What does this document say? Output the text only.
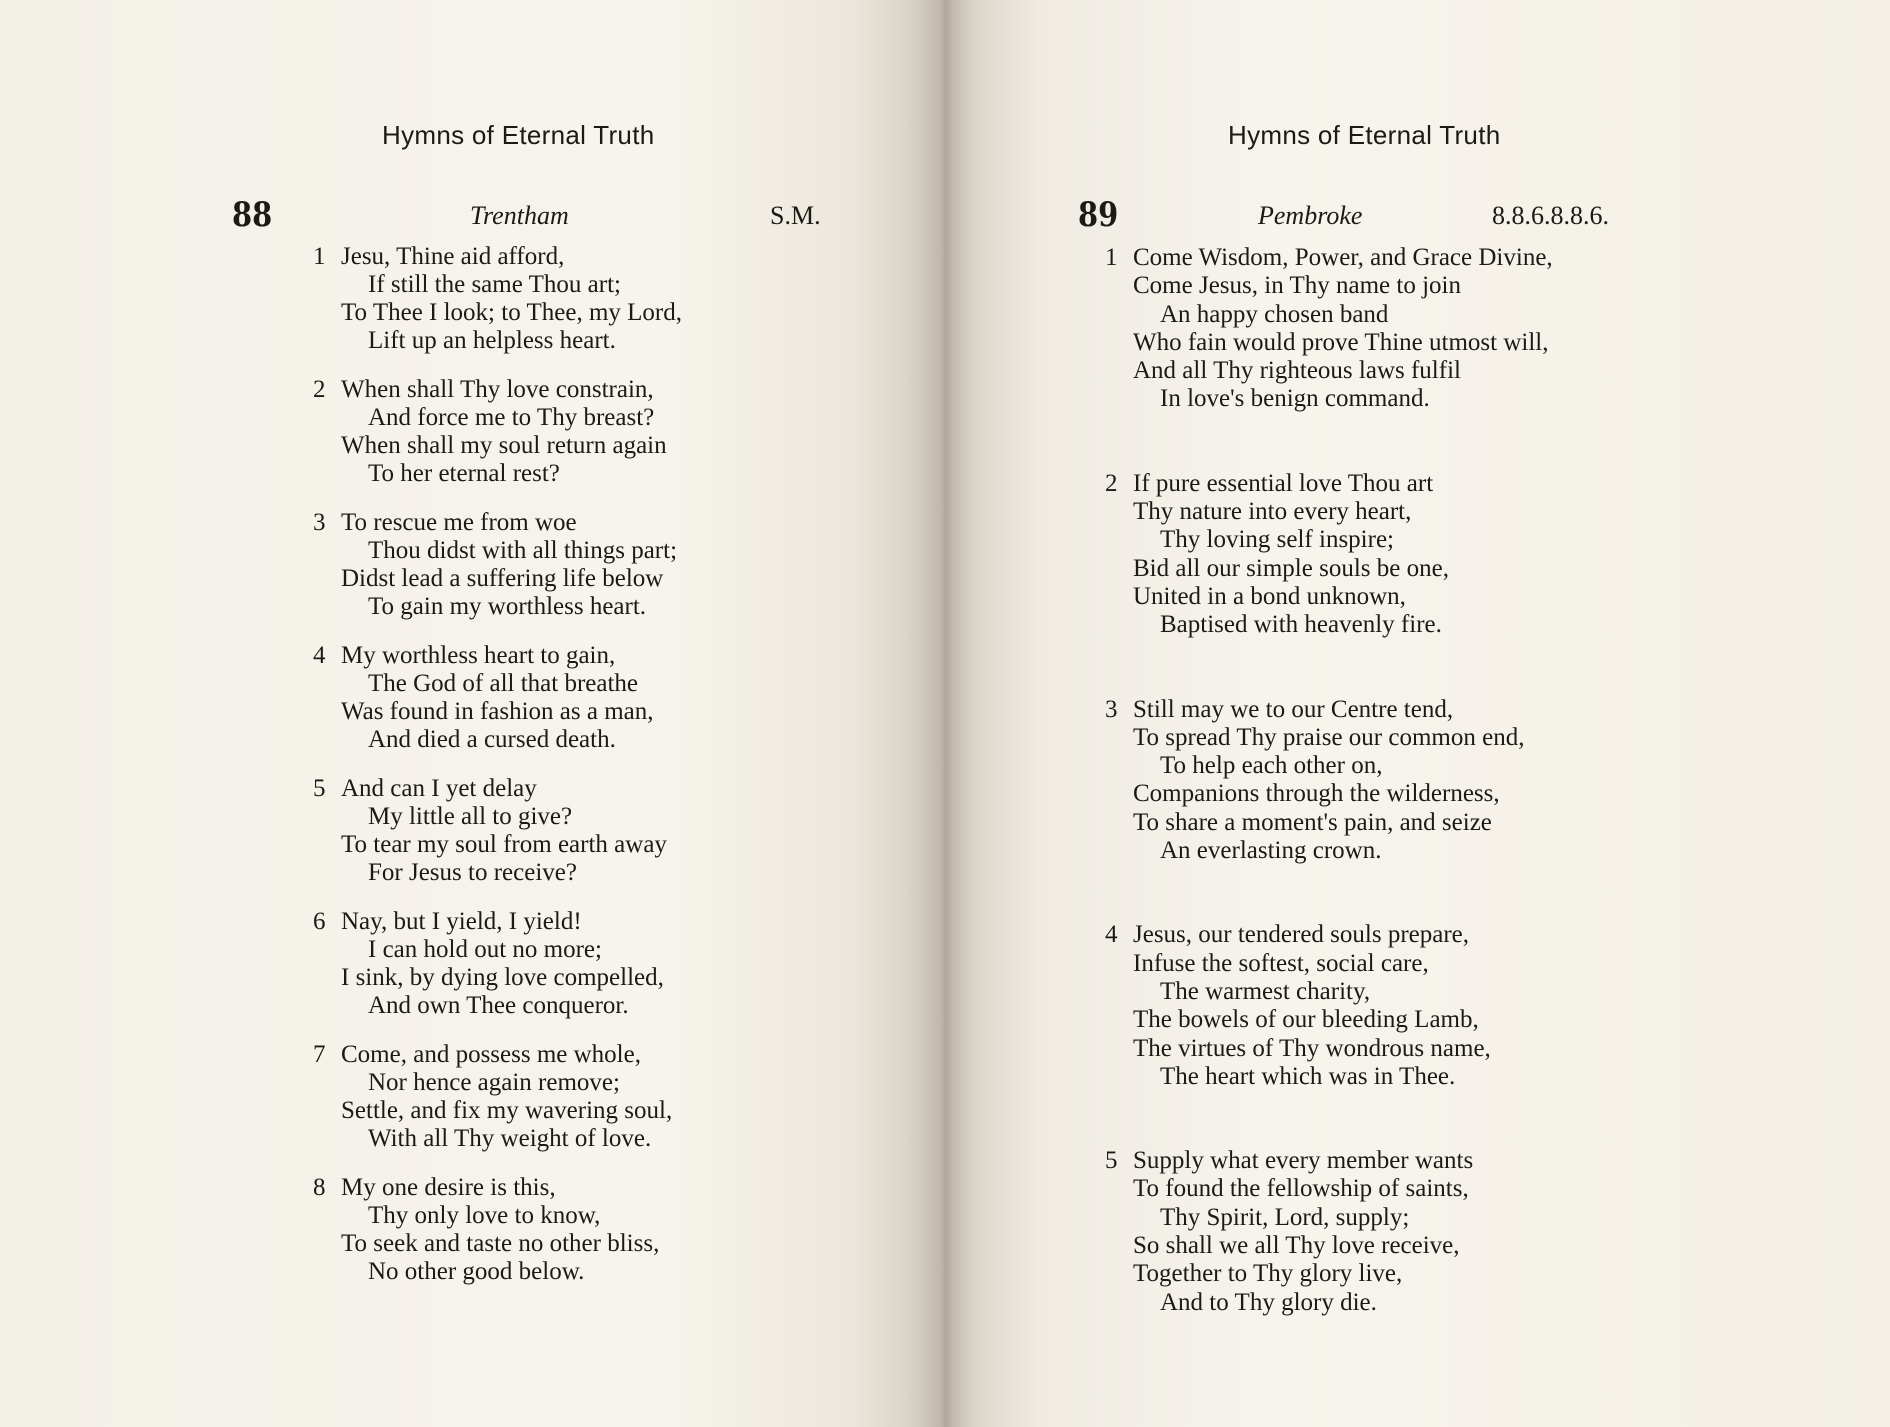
Hymns of Eternal Truth
88	Trentham	S.M.
1 Jesu, Thine aid afford,
If still the same Thou art;
To Thee I look; to Thee, my Lord,
Lift up an helpless heart.
2 When shall Thy love constrain,
And force me to Thy breast?
When shall my soul return again
To her eternal rest?
3 To rescue me from woe
Thou didst with all things part;
Didst lead a suffering life below
To gain my worthless heart.
4 My worthless heart to gain,
The God of all that breathe
Was found in fashion as a man,
And died a cursed death.
5 And can I yet delay
My little all to give?
To tear my soul from earth away
For Jesus to receive?
6 Nay, but I yield, I yield!
I can hold out no more;
I sink, by dying love compelled,
And own Thee conqueror.
7 Come, and possess me whole,
Nor hence again remove;
Settle, and fix my wavering soul,
With all Thy weight of love.
8 My one desire is this,
Thy only love to know,
To seek and taste no other bliss,
No other good below.
Hymns of Eternal Truth
89	Pembroke	8.8.6.8.8.6.
1 Come Wisdom, Power, and Grace Divine,
Come Jesus, in Thy name to join
An happy chosen band
Who fain would prove Thine utmost will,
And all Thy righteous laws fulfil
In love's benign command.
2 If pure essential love Thou art
Thy nature into every heart,
Thy loving self inspire;
Bid all our simple souls be one,
United in a bond unknown,
Baptised with heavenly fire.
3 Still may we to our Centre tend,
To spread Thy praise our common end,
To help each other on,
Companions through the wilderness,
To share a moment's pain, and seize
An everlasting crown.
4 Jesus, our tendered souls prepare,
Infuse the softest, social care,
The warmest charity,
The bowels of our bleeding Lamb,
The virtues of Thy wondrous name,
The heart which was in Thee.
5 Supply what every member wants
To found the fellowship of saints,
Thy Spirit, Lord, supply;
So shall we all Thy love receive,
Together to Thy glory live,
And to Thy glory die.
